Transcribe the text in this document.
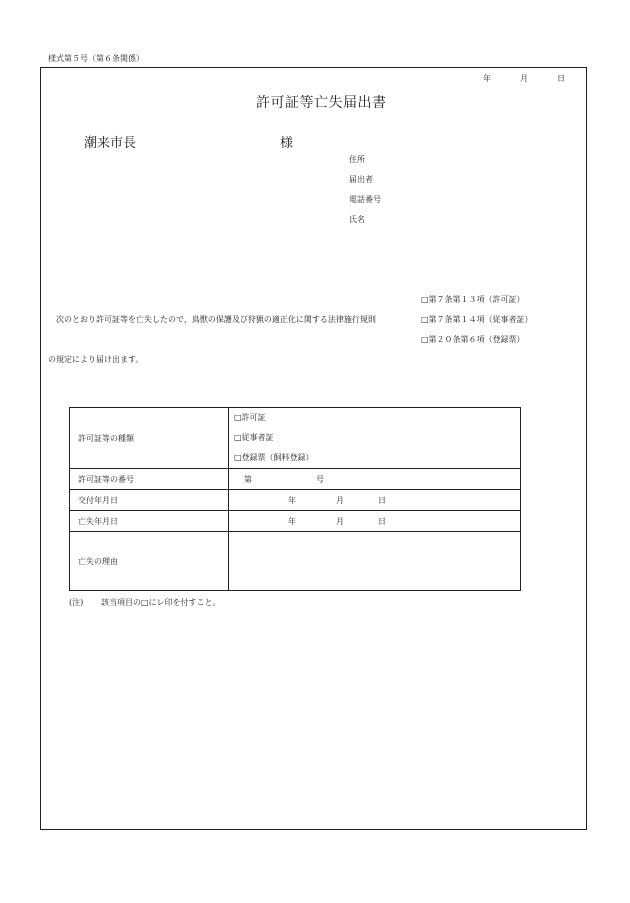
様式第５号（第６条関係）
年	月	日
許可証等亡失届出書
潮来市長	様
住所
届出者
電話番号
氏名
□第７条第１３項（許可証）
次のとおり許可証等を亡失したので，鳥獣の保護及び狩猟の適正化に関する法律施行規則	□第７条第１４項（従事者証）
□第２０条第６項（登録票）
の規定により届け出ます。
許可証等の種類	□許可証
□従事者証
□登録票（飼料登録）

許可証等の番号	第 号
交付年月日	年 月 日
亡失年月日	年 月 日
亡失の理由	
(注) 該当項目の□にレ印を付すこと。
